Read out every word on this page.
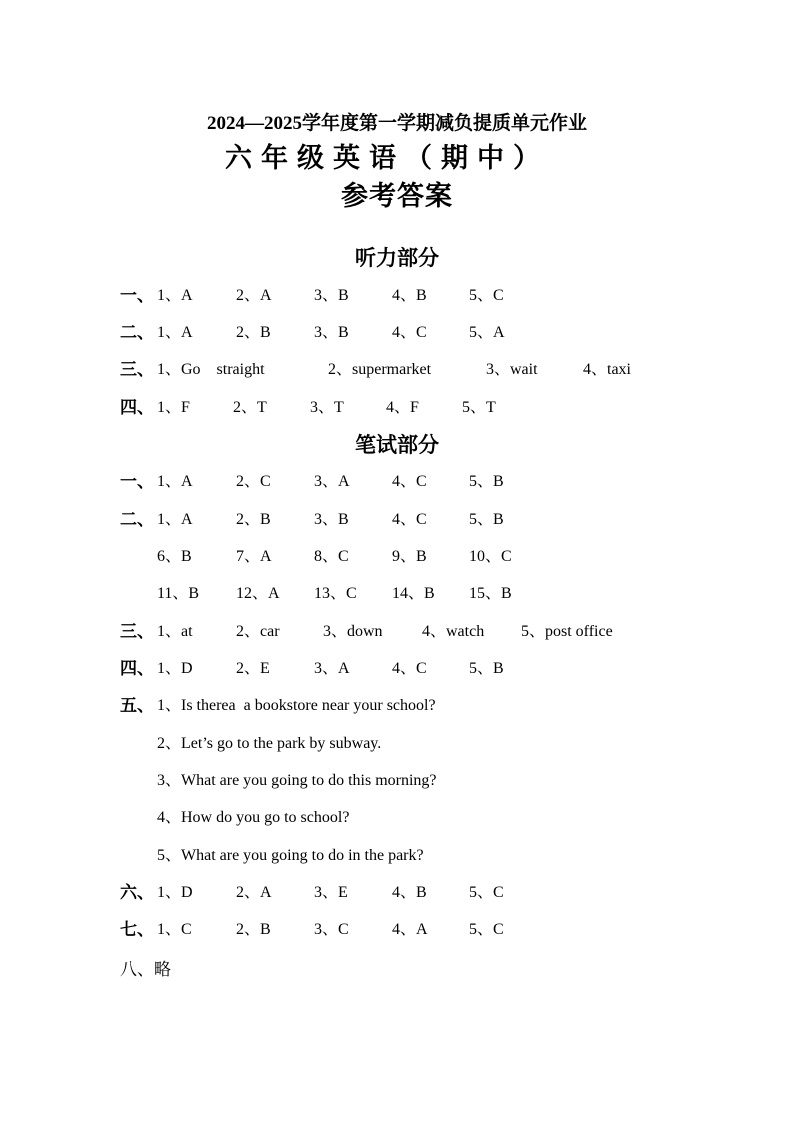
2024—2025学年度第一学期减负提质单元作业
六年级英语（期中）
参考答案
听力部分
一、 1、A	2、A	3、B	4、B	5、C
二、 1、A	2、B	3、B	4、C	5、A
三、 1、Go    straight	2、supermarket	3、wait	4、taxi
四、 1、F	2、T	3、T	4、F	5、T
笔试部分
一、 1、A	2、C	3、A	4、C	5、B
二、 1、A	2、B	3、B	4、C	5、B
6、B	7、A	8、C	9、B	10、C
11、B 12、A 13、C 14、B 15、B
三、 1、at	2、car	3、down 4、watch 5、post office
四、 1、D	2、E	3、A	4、C	5、B
五、 1、Is therea  a bookstore near your school?
2、Let’s go to the park by subway.
3、What are you going to do this morning?
4、How do you go to school?
5、What are you going to do in the park?
六、 1、D	2、A	3、E	4、B	5、C
七、 1、C	2、B	3、C	4、A	5、C
八、 略
